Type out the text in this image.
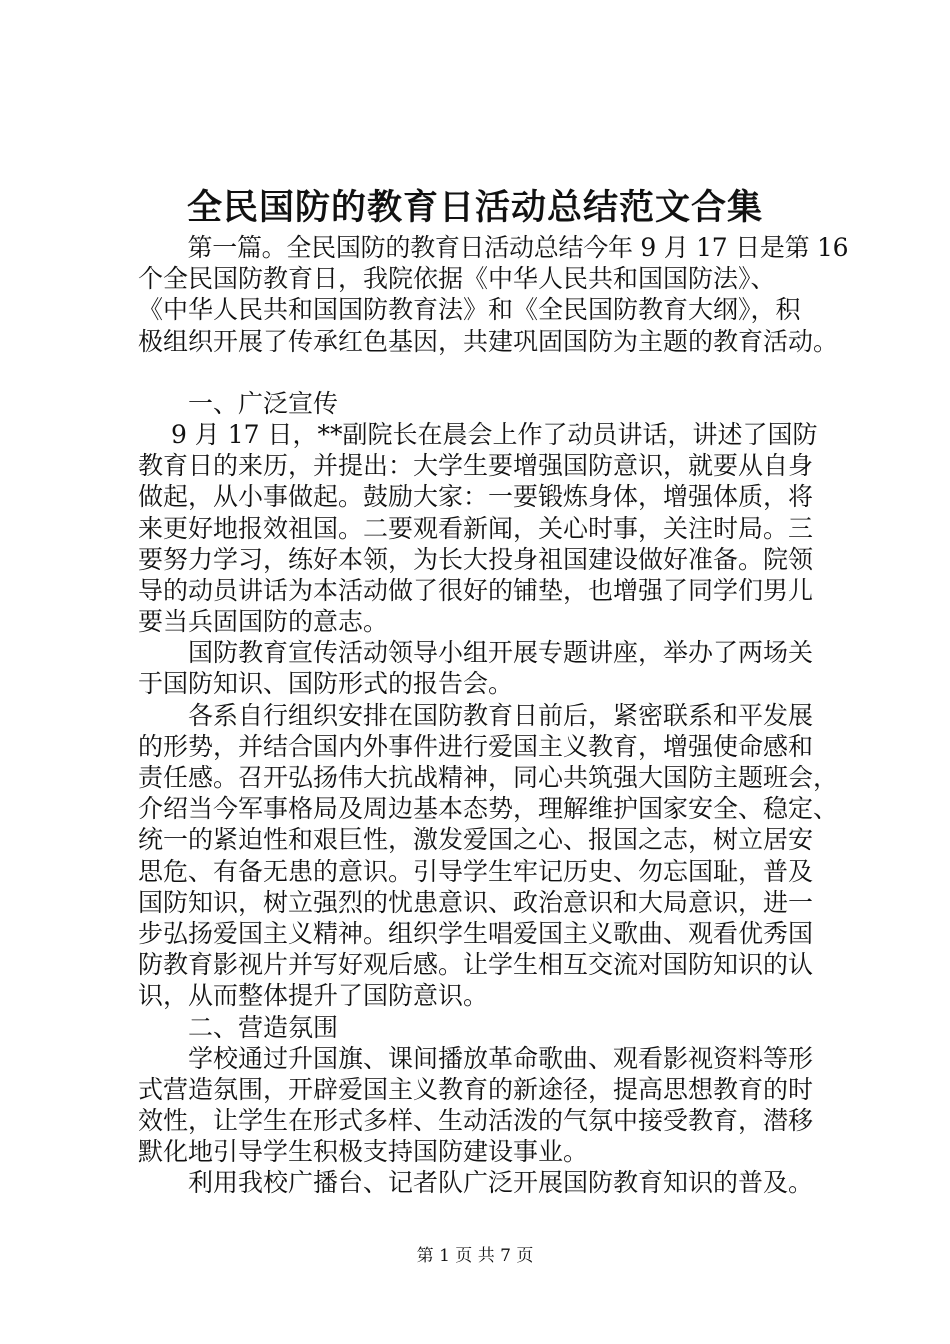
全民国防的教育日活动总结范文合集
　　第一篇。全民国防的教育日活动总结今年 9 月 17 日是第 16
个全民国防教育日，我院依据《中华人民共和国国防法》、
《中华人民共和国国防教育法》和《全民国防教育大纲》，积
极组织开展了传承红色基因，共建巩固国防为主题的教育活动。
　　一、广泛宣传
　 9 月 17 日，**副院长在晨会上作了动员讲话，讲述了国防
教育日的来历，并提出：大学生要增强国防意识，就要从自身
做起，从小事做起。鼓励大家：一要锻炼身体，增强体质，将
来更好地报效祖国。二要观看新闻，关心时事，关注时局。三
要努力学习，练好本领，为长大投身祖国建设做好准备。院领
导的动员讲话为本活动做了很好的铺垫，也增强了同学们男儿
要当兵固国防的意志。
　　国防教育宣传活动领导小组开展专题讲座，举办了两场关
于国防知识、国防形式的报告会。
　　各系自行组织安排在国防教育日前后，紧密联系和平发展
的形势，并结合国内外事件进行爱国主义教育，增强使命感和
责任感。召开弘扬伟大抗战精神，同心共筑强大国防主题班会，
介绍当今军事格局及周边基本态势，理解维护国家安全、稳定、
统一的紧迫性和艰巨性，激发爱国之心、报国之志，树立居安
思危、有备无患的意识。引导学生牢记历史、勿忘国耻，普及
国防知识，树立强烈的忧患意识、政治意识和大局意识，进一
步弘扬爱国主义精神。组织学生唱爱国主义歌曲、观看优秀国
防教育影视片并写好观后感。让学生相互交流对国防知识的认
识，从而整体提升了国防意识。
　　二、营造氛围
　　学校通过升国旗、课间播放革命歌曲、观看影视资料等形
式营造氛围，开辟爱国主义教育的新途径，提高思想教育的时
效性，让学生在形式多样、生动活泼的气氛中接受教育，潜移
默化地引导学生积极支持国防建设事业。
　　利用我校广播台、记者队广泛开展国防教育知识的普及。
第 1 页 共 7 页
